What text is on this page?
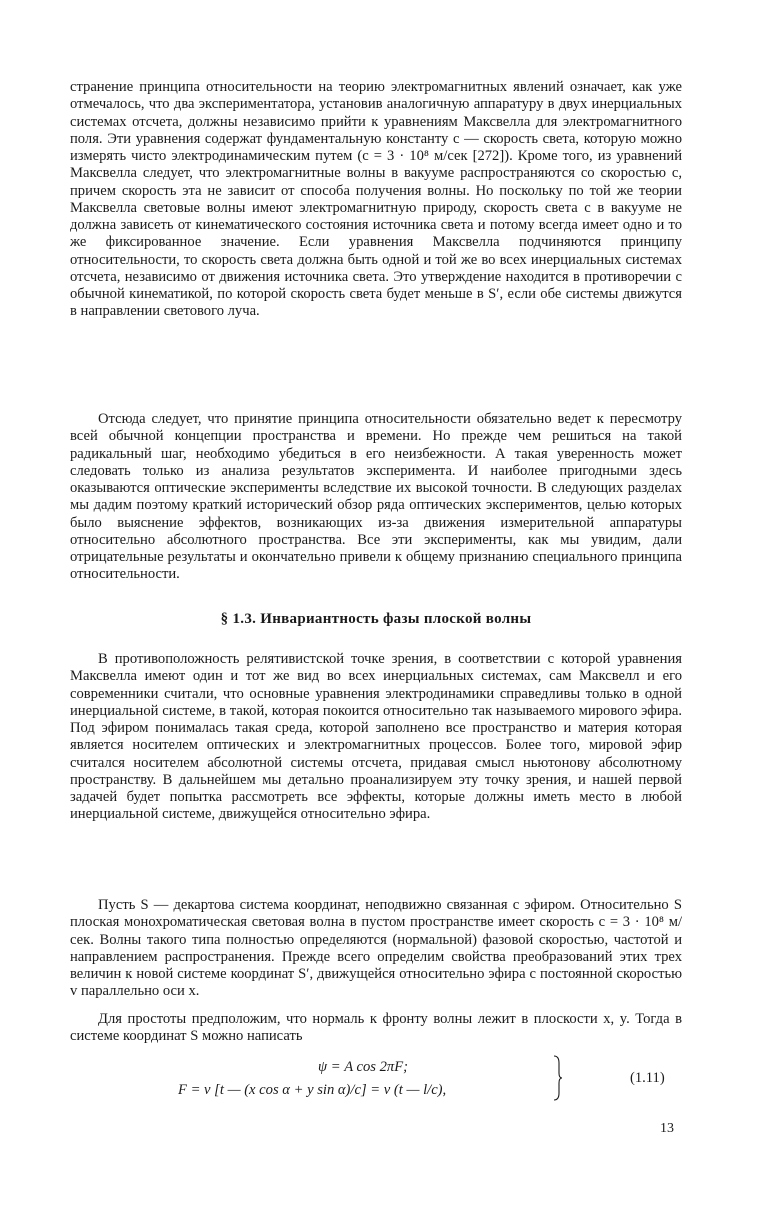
странение принципа относительности на теорию электромагнитных явлений означает, как уже отмечалось, что два экспериментатора, установив аналогичную аппаратуру в двух инерциальных системах отсчета, должны независимо прийти к уравнениям Максвелла для электромагнитного поля. Эти уравнения содержат фундаментальную константу c — скорость света, которую можно измерять чисто электродинамическим путем (c = 3 · 10⁸ м/сек [272]). Кроме того, из уравнений Максвелла следует, что электромагнитные волны в вакууме распространяются со скоростью c, причем скорость эта не зависит от способа получения волны. Но поскольку по той же теории Максвелла световые волны имеют электромагнитную природу, скорость света c в вакууме не должна зависеть от кинематического состояния источника света и потому всегда имеет одно и то же фиксированное значение. Если уравнения Максвелла подчиняются принципу относительности, то скорость света должна быть одной и той же во всех инерциальных системах отсчета, независимо от движения источника света. Это утверждение находится в противоречии с обычной кинематикой, по которой скорость света будет меньше в S′, если обе системы движутся в направлении светового луча.

Отсюда следует, что принятие принципа относительности обязательно ведет к пересмотру всей обычной концепции пространства и времени. Но прежде чем решиться на такой радикальный шаг, необходимо убедиться в его неизбежности. А такая уверенность может следовать только из анализа результатов эксперимента. И наиболее пригодными здесь оказываются оптические эксперименты вследствие их высокой точности. В следующих разделах мы дадим поэтому краткий исторический обзор ряда оптических экспериментов, целью которых было выяснение эффектов, возникающих из-за движения измерительной аппаратуры относительно абсолютного пространства. Все эти эксперименты, как мы увидим, дали отрицательные результаты и окончательно привели к общему признанию специального принципа относительности.

§ 1.3. Инвариантность фазы плоской волны

В противоположность релятивистской точке зрения, в соответствии с которой уравнения Максвелла имеют один и тот же вид во всех инерциальных системах, сам Максвелл и его современники считали, что основные уравнения электродинамики справедливы только в одной инерциальной системе, в такой, которая покоится относительно так называемого мирового эфира. Под эфиром понималась такая среда, которой заполнено все пространство и материя которая является носителем оптических и электромагнитных процессов. Более того, мировой эфир считался носителем абсолютной системы отсчета, придавая смысл ньютонову абсолютному пространству. В дальнейшем мы детально проанализируем эту точку зрения, и нашей первой задачей будет попытка рассмотреть все эффекты, которые должны иметь место в любой инерциальной системе, движущейся относительно эфира.

Пусть S — декартова система координат, неподвижно связанная с эфиром. Относительно S плоская монохроматическая световая волна в пустом пространстве имеет скорость c = 3 · 10⁸ м/сек. Волны такого типа полностью определяются (нормальной) фазовой скоростью, частотой и направлением распространения. Прежде всего определим свойства преобразований этих трех величин к новой системе координат S′, движущейся относительно эфира с постоянной скоростью v параллельно оси x.

Для простоты предположим, что нормаль к фронту волны лежит в плоскости x, y. Тогда в системе координат S можно написать

ψ = A cos 2πF;
F = ν [t — (x cos α + y sin α)/c] = ν (t — l/c),
(1.11)
13
